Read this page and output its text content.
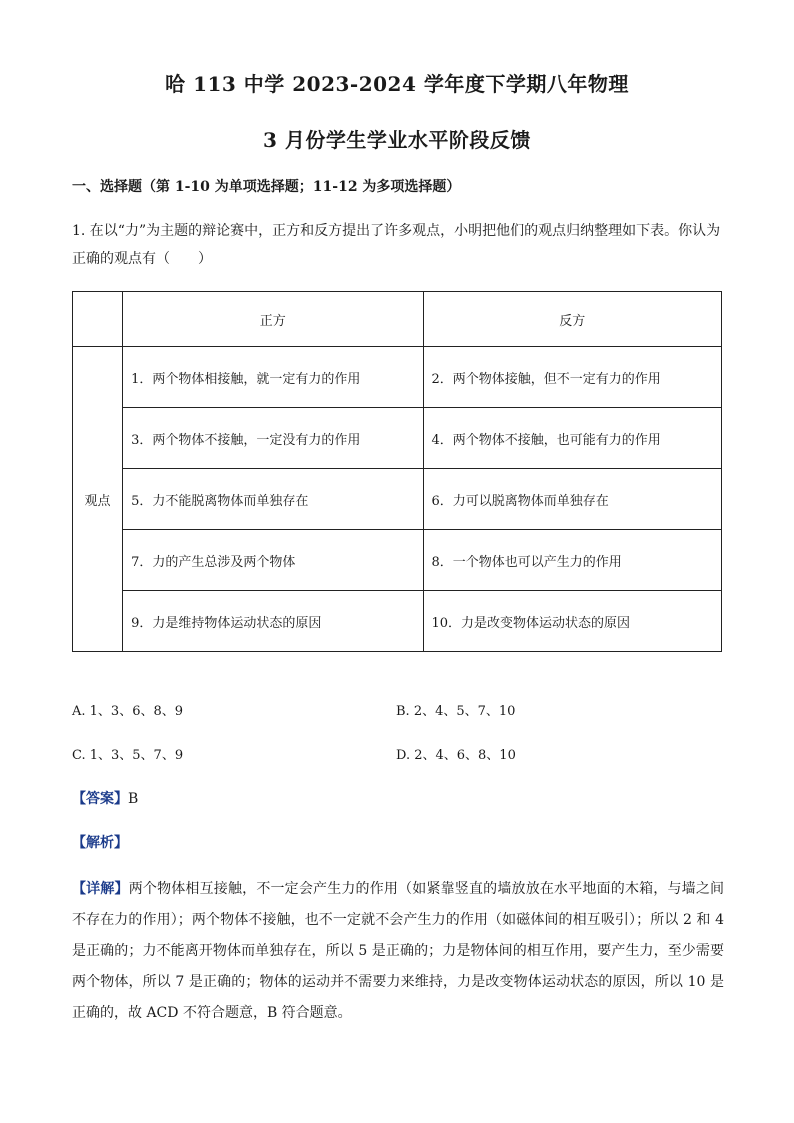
哈 113 中学 2023-2024 学年度下学期八年物理
3 月份学生学业水平阶段反馈
一、选择题（第 1-10 为单项选择题；11-12 为多项选择题）
1. 在以“力”为主题的辩论赛中，正方和反方提出了许多观点，小明把他们的观点归纳整理如下表。你认为正确的观点有（　　）
	正方	反方
观点	1．两个物体相接触，就一定有力的作用	2．两个物体接触，但不一定有力的作用
	3．两个物体不接触，一定没有力的作用	4．两个物体不接触，也可能有力的作用
	5．力不能脱离物体而单独存在	6．力可以脱离物体而单独存在
	7．力的产生总涉及两个物体	8．一个物体也可以产生力的作用
	9．力是维持物体运动状态的原因	10．力是改变物体运动状态的原因
A. 1、3、6、8、9	B. 2、4、5、7、10
C. 1、3、5、7、9	D. 2、4、6、8、10
【答案】B
【解析】
【详解】两个物体相互接触，不一定会产生力的作用（如紧靠竖直的墙放放在水平地面的木箱，与墙之间不存在力的作用）；两个物体不接触，也不一定就不会产生力的作用（如磁体间的相互吸引）；所以 2 和 4 是正确的；力不能离开物体而单独存在，所以 5 是正确的；力是物体间的相互作用，要产生力，至少需要两个物体，所以 7 是正确的；物体的运动并不需要力来维持，力是改变物体运动状态的原因，所以 10 是正确的，故 ACD 不符合题意，B 符合题意。
